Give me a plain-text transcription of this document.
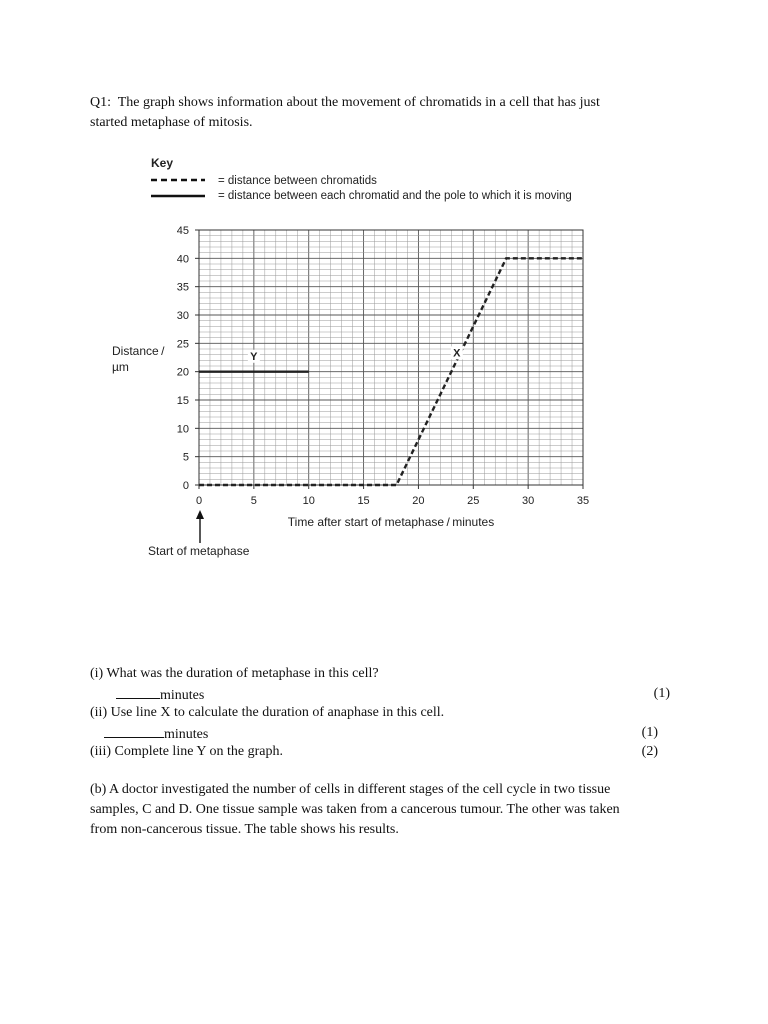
Q1: The graph shows information about the movement of chromatids in a cell that has just

started metaphase of mitosis.

Key
= distance between chromatids
= distance between each chromatid and the pole to which it is moving
0	5	10	15	20	25	30	35
0
5
10
15
20
25
30
35
40
45
X
Y
Distance /
µm
Time after start of metaphase / minutes
Start of metaphase
(i) What was the duration of metaphase in this cell?
minutes	(1)
(ii) Use line X to calculate the duration of anaphase in this cell.
minutes	(1)
(iii) Complete line Y on the graph.	(2)

(b) A doctor investigated the number of cells in different stages of the cell cycle in two tissue

samples, C and D. One tissue sample was taken from a cancerous tumour. The other was taken

from non-cancerous tissue. The table shows his results.
